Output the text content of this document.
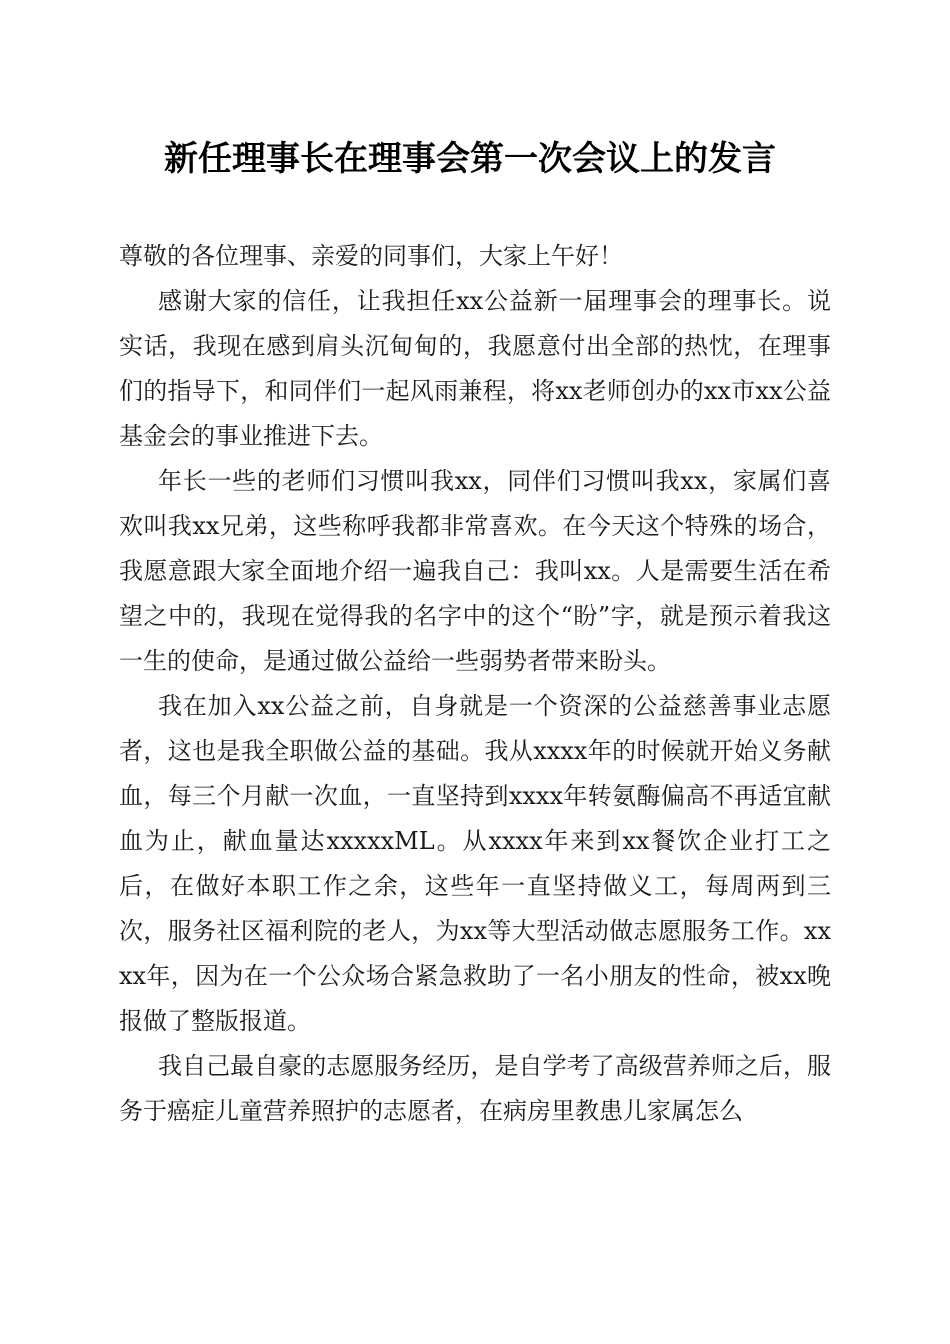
新任理事长在理事会第一次会议上的发言

尊敬的各位理事、亲爱的同事们，大家上午好！

感谢大家的信任，让我担任xx公益新一届理事会的理事长。说实话，我现在感到肩头沉甸甸的，我愿意付出全部的热忱，在理事们的指导下，和同伴们一起风雨兼程，将xx老师创办的xx市xx公益基金会的事业推进下去。

年长一些的老师们习惯叫我xx，同伴们习惯叫我xx，家属们喜欢叫我xx兄弟，这些称呼我都非常喜欢。在今天这个特殊的场合，我愿意跟大家全面地介绍一遍我自己：我叫xx。人是需要生活在希望之中的，我现在觉得我的名字中的这个“盼”字，就是预示着我这一生的使命，是通过做公益给一些弱势者带来盼头。

我在加入xx公益之前，自身就是一个资深的公益慈善事业志愿者，这也是我全职做公益的基础。我从xxxx年的时候就开始义务献血，每三个月献一次血，一直坚持到xxxx年转氨酶偏高不再适宜献血为止，献血量达xxxxxML。从xxxx年来到xx餐饮企业打工之后，在做好本职工作之余，这些年一直坚持做义工，每周两到三次，服务社区福利院的老人，为xx等大型活动做志愿服务工作。xxxx年，因为在一个公众场合紧急救助了一名小朋友的性命，被xx晚报做了整版报道。

我自己最自豪的志愿服务经历，是自学考了高级营养师之后，服务于癌症儿童营养照护的志愿者，在病房里教患儿家属怎么
